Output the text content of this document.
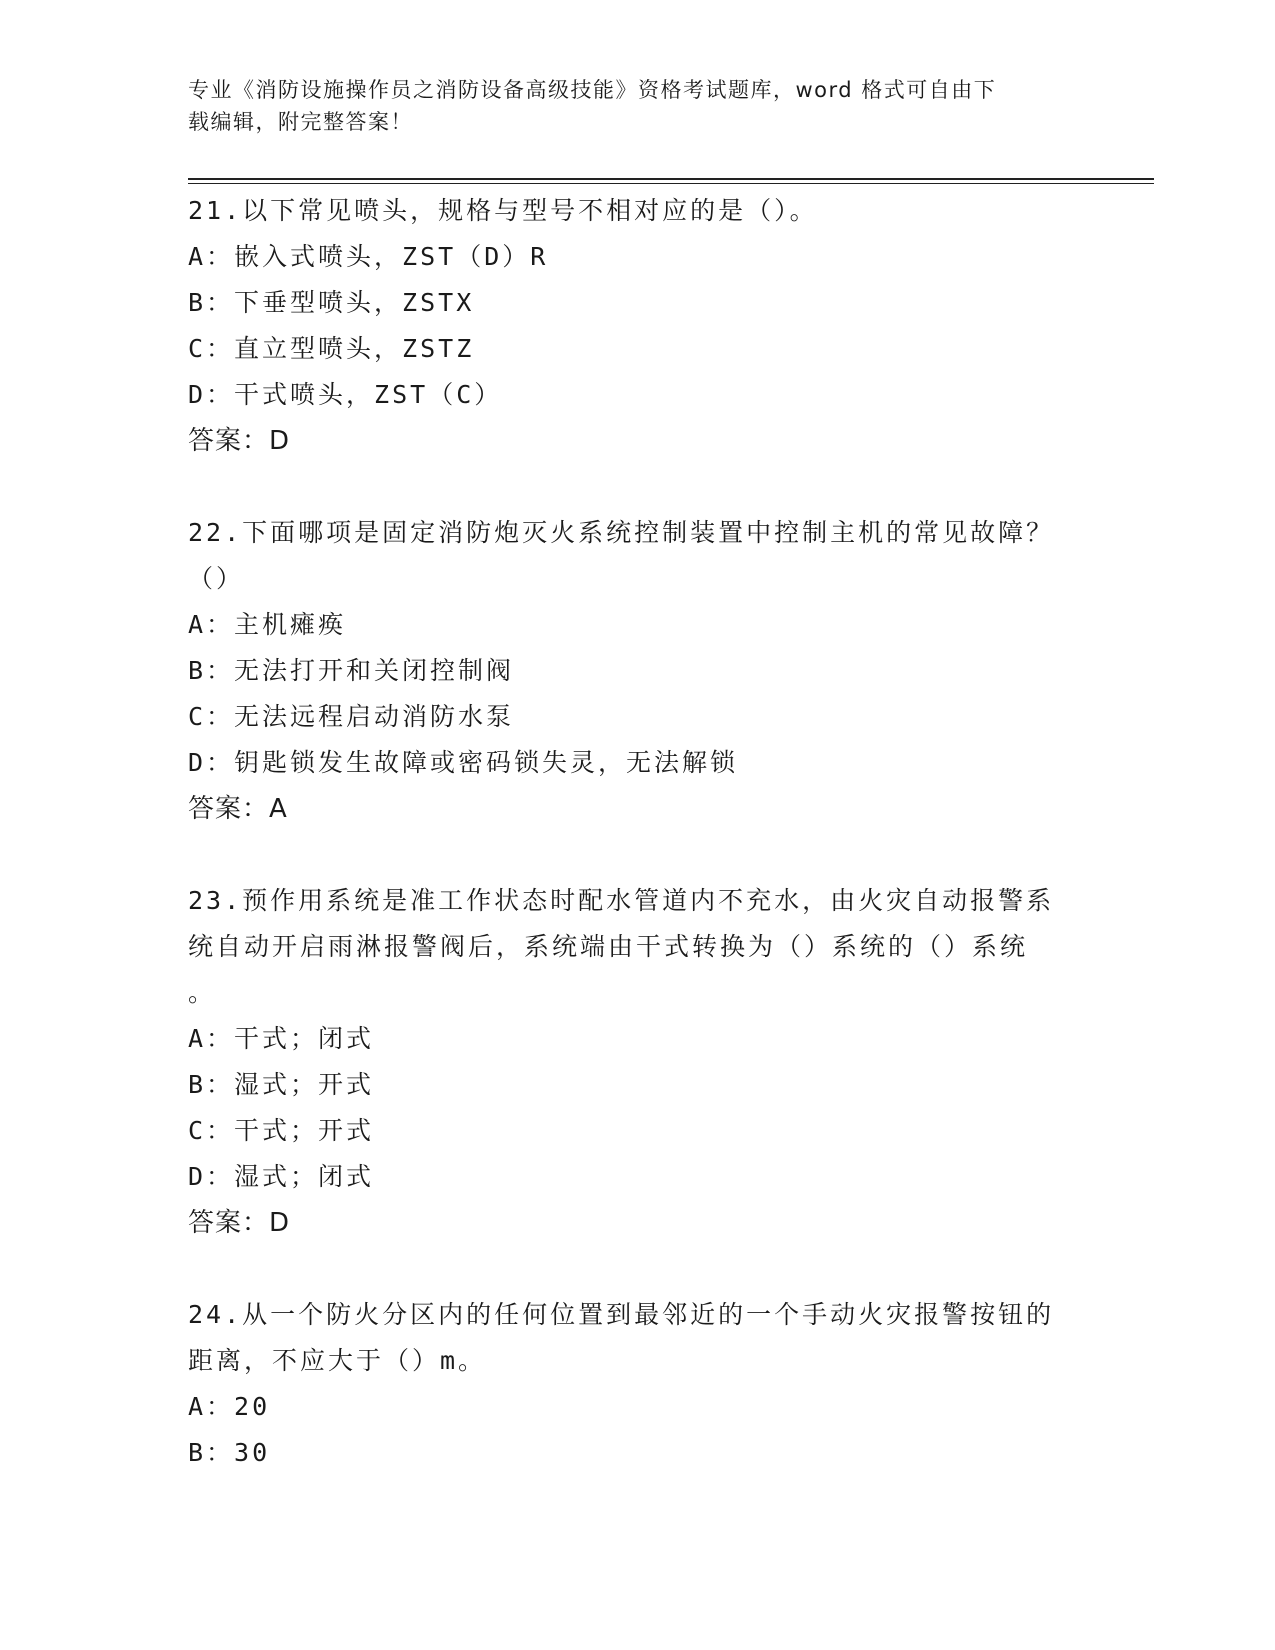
专业《消防设施操作员之消防设备高级技能》资格考试题库，word 格式可自由下
载编辑，附完整答案！

21.以下常见喷头，规格与型号不相对应的是（）。

A：嵌入式喷头，ZST（D）R

B：下垂型喷头，ZSTX

C：直立型喷头，ZSTZ

D：干式喷头，ZST（C）

答案：D

22.下面哪项是固定消防炮灭火系统控制装置中控制主机的常见故障？

（）

A：主机瘫痪

B：无法打开和关闭控制阀

C：无法远程启动消防水泵

D：钥匙锁发生故障或密码锁失灵，无法解锁

答案：A

23.预作用系统是准工作状态时配水管道内不充水，由火灾自动报警系

统自动开启雨淋报警阀后，系统端由干式转换为（）系统的（）系统

。

A：干式；闭式

B：湿式；开式

C：干式；开式

D：湿式；闭式

答案：D

24.从一个防火分区内的任何位置到最邻近的一个手动火灾报警按钮的

距离，不应大于（）m。

A：20

B：30
